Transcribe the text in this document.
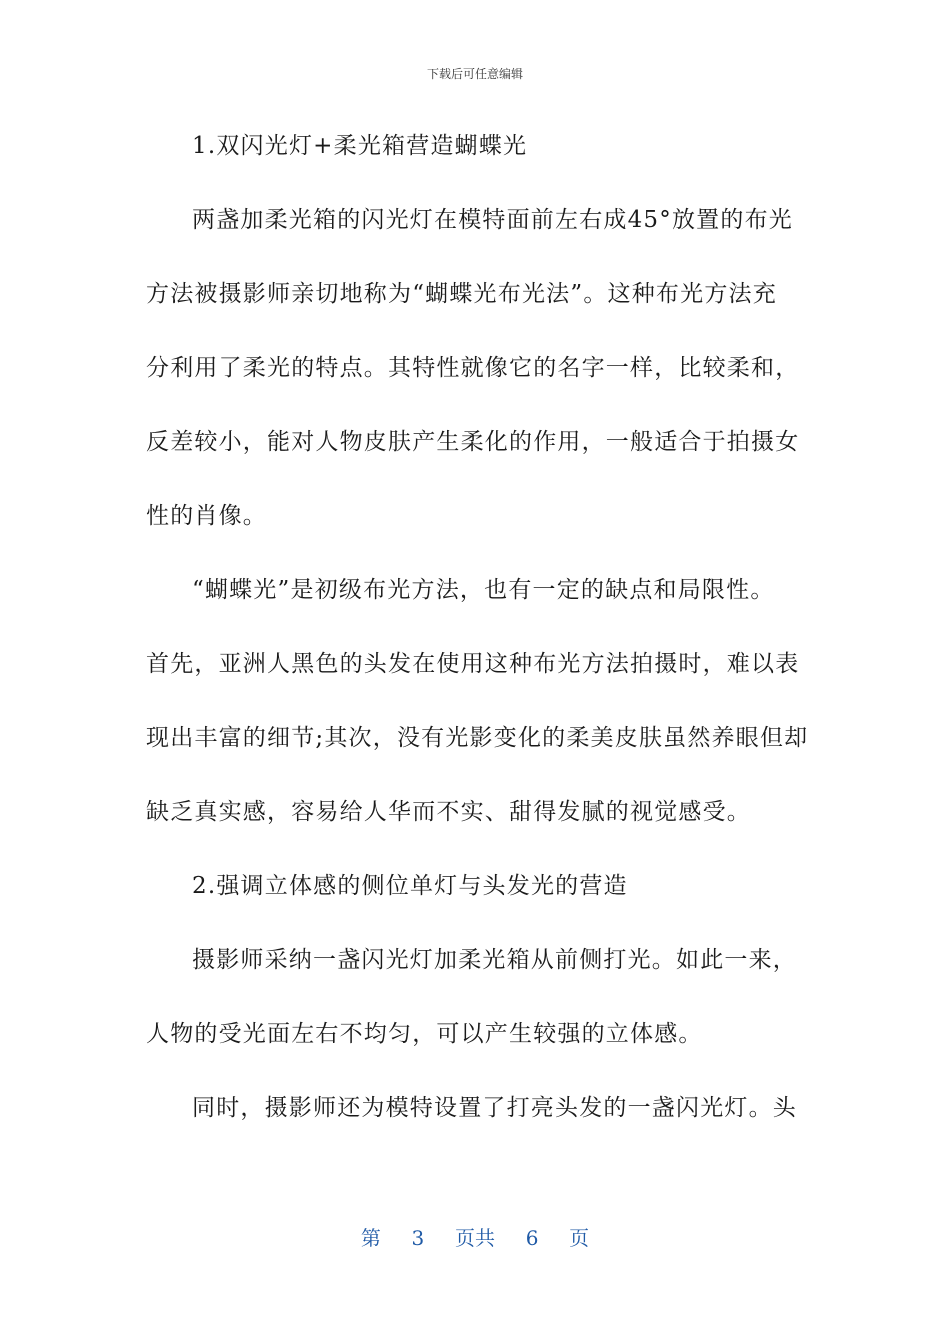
下载后可任意编辑
1.双闪光灯+柔光箱营造蝴蝶光
两盏加柔光箱的闪光灯在模特面前左右成45°放置的布光
方法被摄影师亲切地称为“蝴蝶光布光法”。这种布光方法充
分利用了柔光的特点。其特性就像它的名字一样，比较柔和，
反差较小，能对人物皮肤产生柔化的作用，一般适合于拍摄女
性的肖像。
“蝴蝶光”是初级布光方法，也有一定的缺点和局限性。
首先，亚洲人黑色的头发在使用这种布光方法拍摄时，难以表
现出丰富的细节;其次，没有光影变化的柔美皮肤虽然养眼但却
缺乏真实感，容易给人华而不实、甜得发腻的视觉感受。
2.强调立体感的侧位单灯与头发光的营造
摄影师采纳一盏闪光灯加柔光箱从前侧打光。如此一来，
人物的受光面左右不均匀，可以产生较强的立体感。
同时，摄影师还为模特设置了打亮头发的一盏闪光灯。头
第 3 页共 6 页
